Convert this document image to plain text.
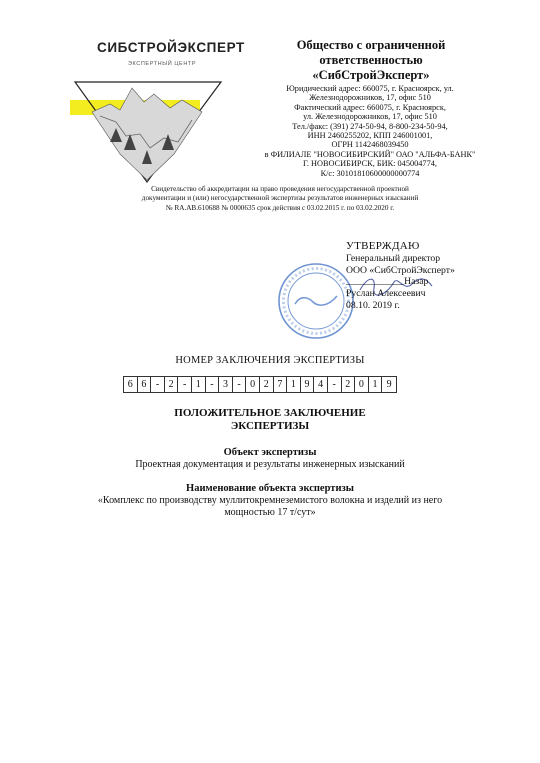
СИБСТРОЙЭКСПЕРТ
ЭКСПЕРТНЫЙ ЦЕНТР
Общество с ограниченной
ответственностью
«СибСтройЭксперт»
Юридический адрес: 660075, г. Красноярск, ул.
Железнодорожников, 17, офис 510
Фактический адрес: 660075, г. Красноярск,
ул. Железнодорожников, 17, офис 510
Тел./факс: (391) 274-50-94, 8-800-234-50-94,
ИНН 2460255202, КПП 246001001,
ОГРН 1142468039450
в ФИЛИАЛЕ "НОВОСИБИРСКИЙ" ОАО "АЛЬФА-БАНК"
Г. НОВОСИБИРСК, БИК: 045004774,
К/с: 30101810600000000774
Свидетельство об аккредитации на право проведения негосударственной проектной
документации и (или) негосударственной экспертизы результатов инженерных изысканий
№ RA.AB.610688 № 0000635 срок действия с 03.02.2015 г. по 03.02.2020 г.
УТВЕРЖДАЮ
Генеральный директор
ООО «СибСтройЭксперт»
____________Назар
Руслан Алексеевич
08.10. 2019 г.
НОМЕР ЗАКЛЮЧЕНИЯ ЭКСПЕРТИЗЫ
6 6 - 2 - 1 - 3 - 0 2 7 1 9 4 - 2 0 1 9
ПОЛОЖИТЕЛЬНОЕ ЗАКЛЮЧЕНИЕ
ЭКСПЕРТИЗЫ
Объект экспертизы
Проектная документация и результаты инженерных изысканий
Наименование объекта экспертизы
«Комплекс по производству муллитокремнеземистого волокна и изделий из него
мощностью 17 т/сут»
